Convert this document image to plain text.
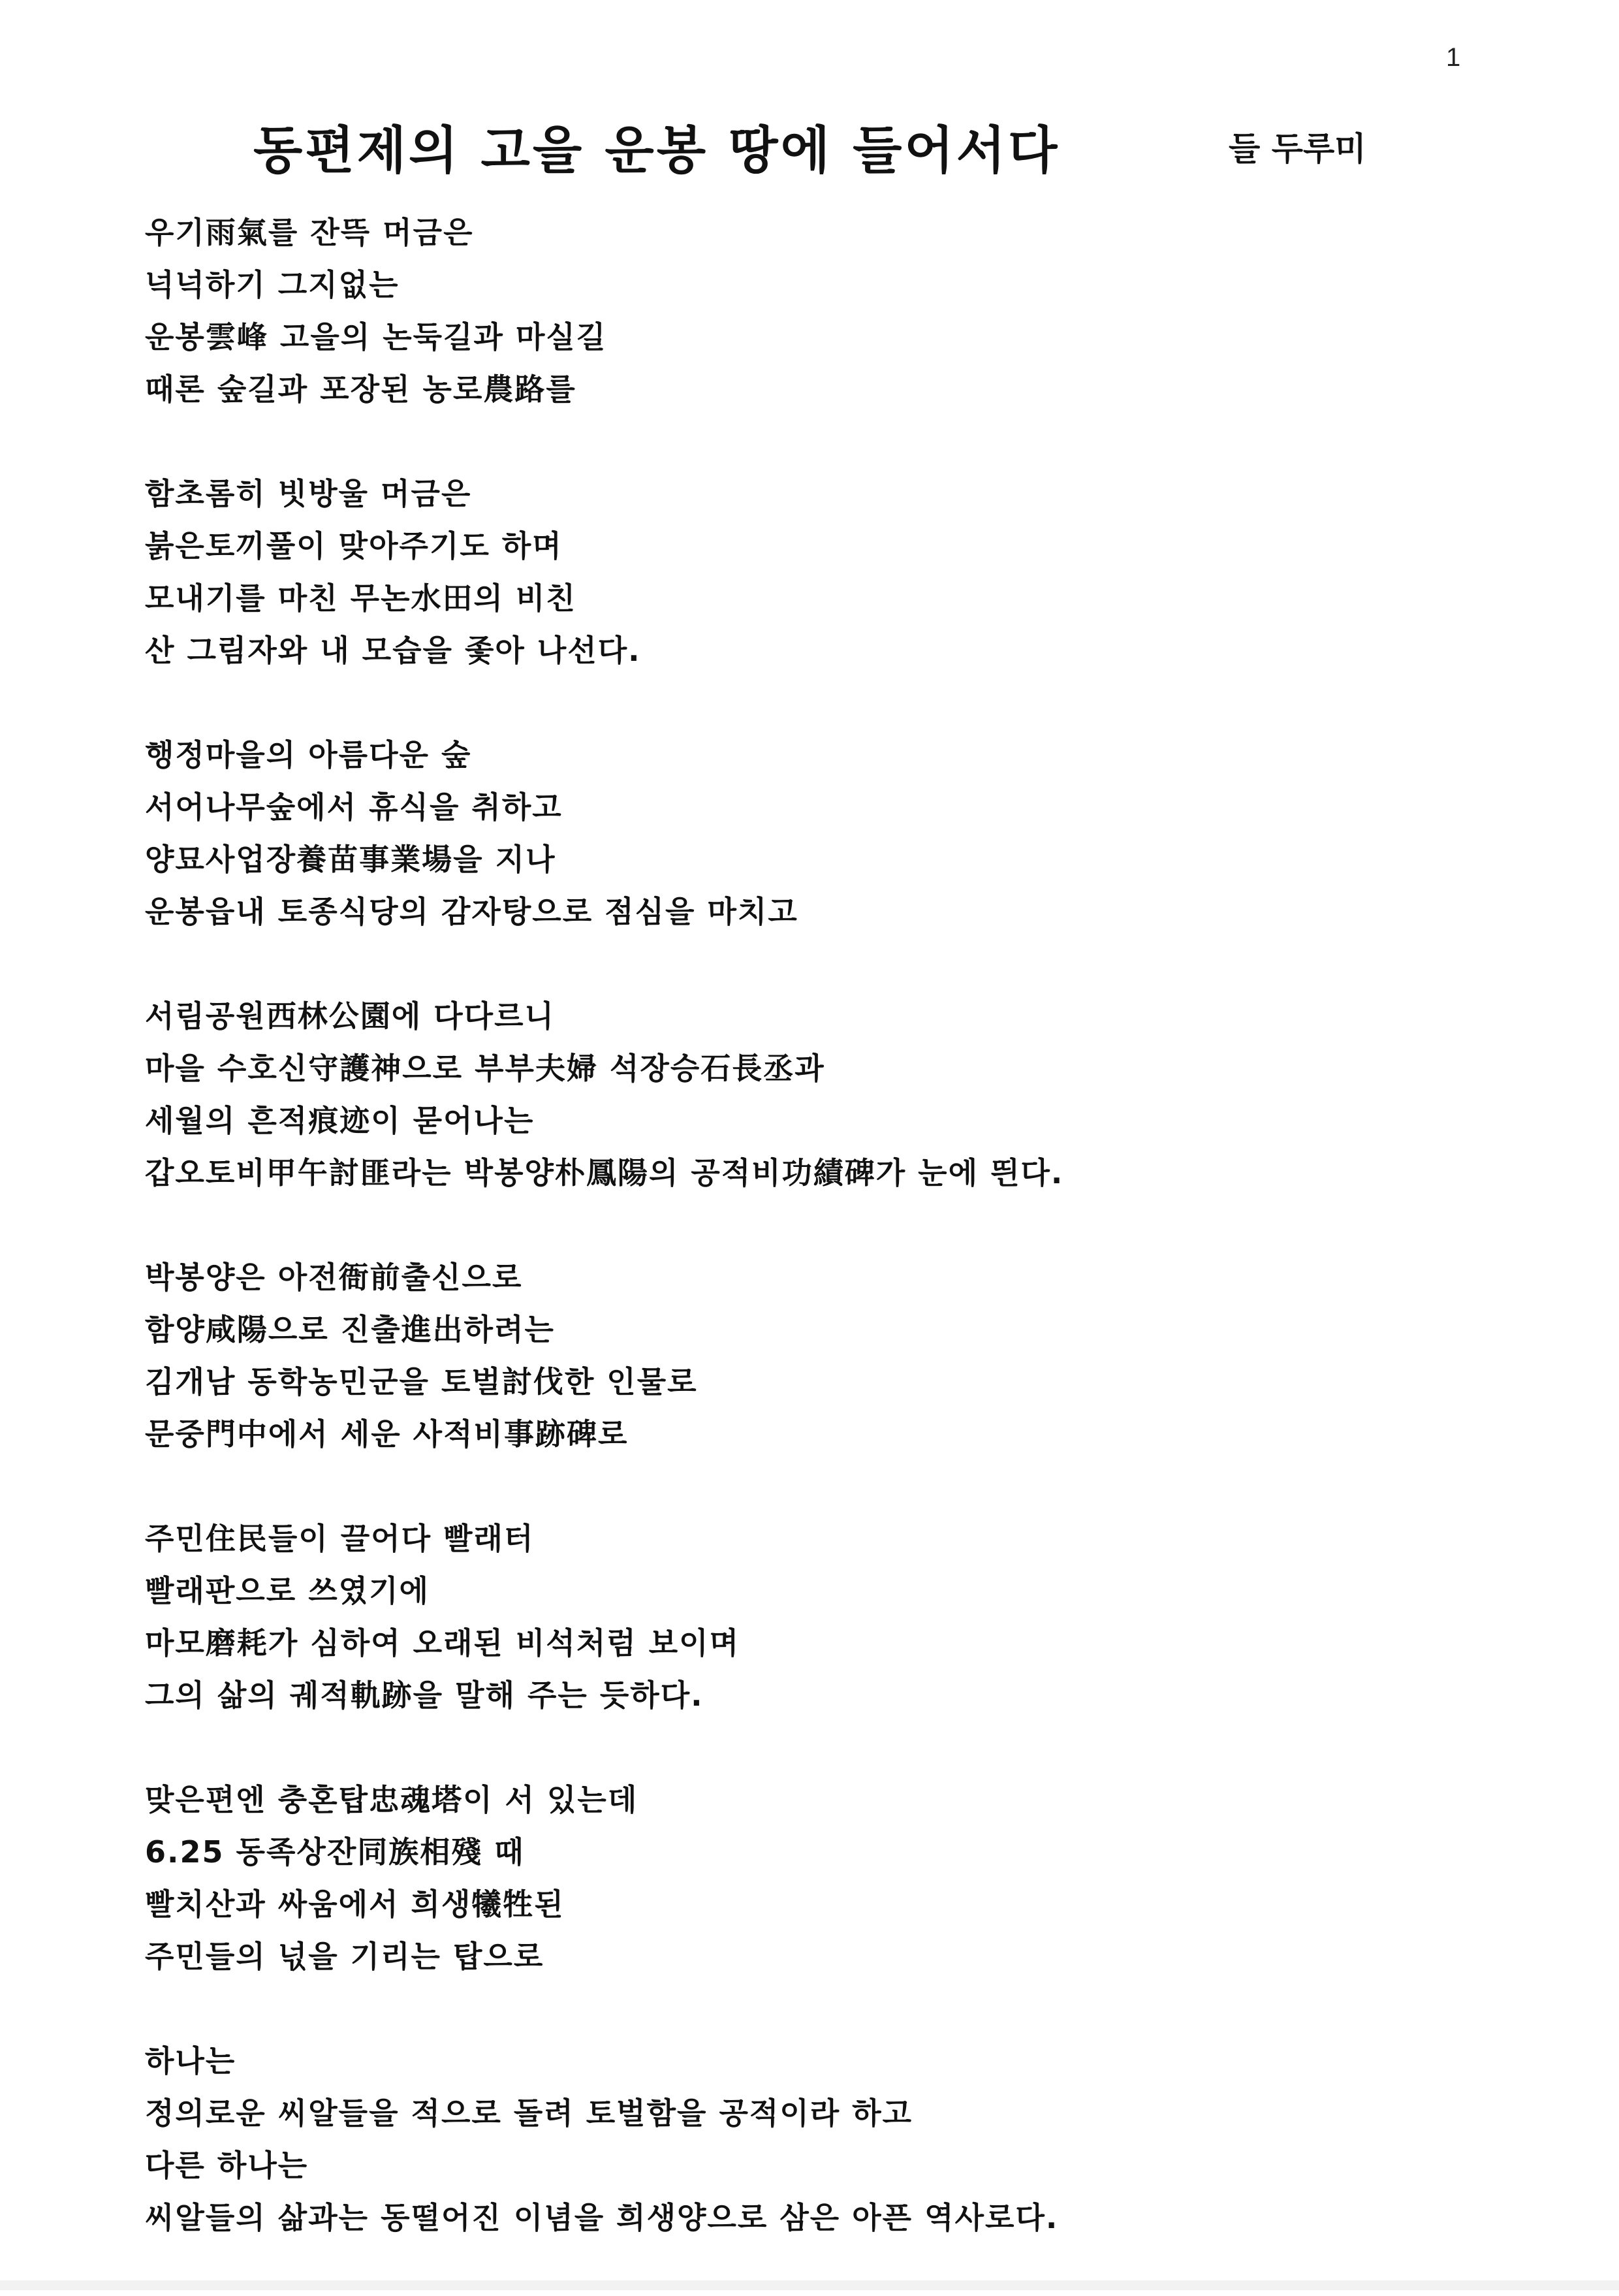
1
동편제의 고을 운봉 땅에 들어서다	들 두루미
우기雨氣를 잔뜩 머금은
넉넉하기 그지없는
운봉雲峰 고을의 논둑길과 마실길
때론 숲길과 포장된 농로農路를
함초롬히 빗방울 머금은
붉은토끼풀이 맞아주기도 하며
모내기를 마친 무논水田의 비친
산 그림자와 내 모습을 좇아 나선다.
행정마을의 아름다운 숲
서어나무숲에서 휴식을 취하고
양묘사업장養苗事業場을 지나
운봉읍내 토종식당의 감자탕으로 점심을 마치고
서림공원西林公園에 다다르니
마을 수호신守護神으로 부부夫婦 석장승石長丞과
세월의 흔적痕迹이 묻어나는
갑오토비甲午討匪라는 박봉양朴鳳陽의 공적비功績碑가 눈에 띈다.
박봉양은 아전衙前출신으로
함양咸陽으로 진출進出하려는
김개남 동학농민군을 토벌討伐한 인물로
문중門中에서 세운 사적비事跡碑로
주민住民들이 끌어다 빨래터
빨래판으로 쓰였기에
마모磨耗가 심하여 오래된 비석처럼 보이며
그의 삶의 궤적軌跡을 말해 주는 듯하다.
맞은편엔 충혼탑忠魂塔이 서 있는데
6.25 동족상잔同族相殘 때
빨치산과 싸움에서 희생犧牲된
주민들의 넋을 기리는 탑으로
하나는
정의로운 씨알들을 적으로 돌려 토벌함을 공적이라 하고
다른 하나는
씨알들의 삶과는 동떨어진 이념을 희생양으로 삼은 아픈 역사로다.
